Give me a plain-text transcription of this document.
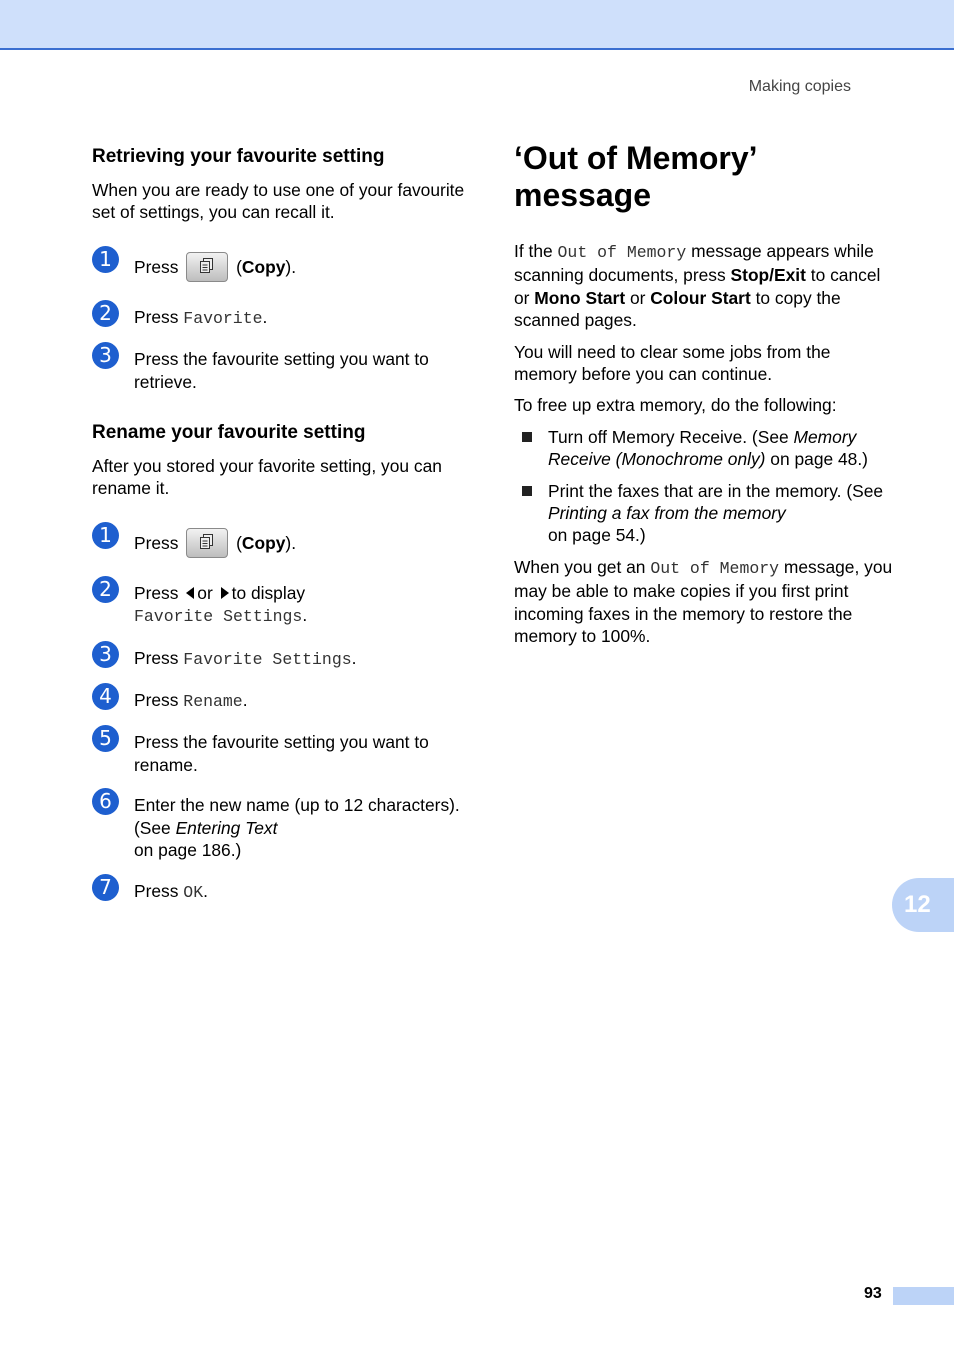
Making copies
Retrieving your favourite setting

When you are ready to use one of your favourite set of settings, you can recall it.

1	Press	(Copy).
2	Press Favorite.
3	Press the favourite setting you want to retrieve.
Rename your favourite setting

After you stored your favorite setting, you can rename it.

1	Press	(Copy).
2	Press or to display
Favorite Settings.
3	Press Favorite Settings.
4	Press Rename.
5	Press the favourite setting you want to rename.
6	Enter the new name (up to 12 characters). (See Entering Text
on page 186.)
7	Press OK.
‘Out of Memory’
message

If the Out of Memory message appears while scanning documents, press Stop/Exit to cancel or Mono Start or Colour Start to copy the scanned pages.

You will need to clear some jobs from the memory before you can continue.

To free up extra memory, do the following:

Turn off Memory Receive. (See Memory Receive (Monochrome only) on page 48.)
Print the faxes that are in the memory. (See Printing a fax from the memory
on page 54.)

When you get an Out of Memory message, you may be able to make copies if you first print incoming faxes in the memory to restore the memory to 100%.

12
93
